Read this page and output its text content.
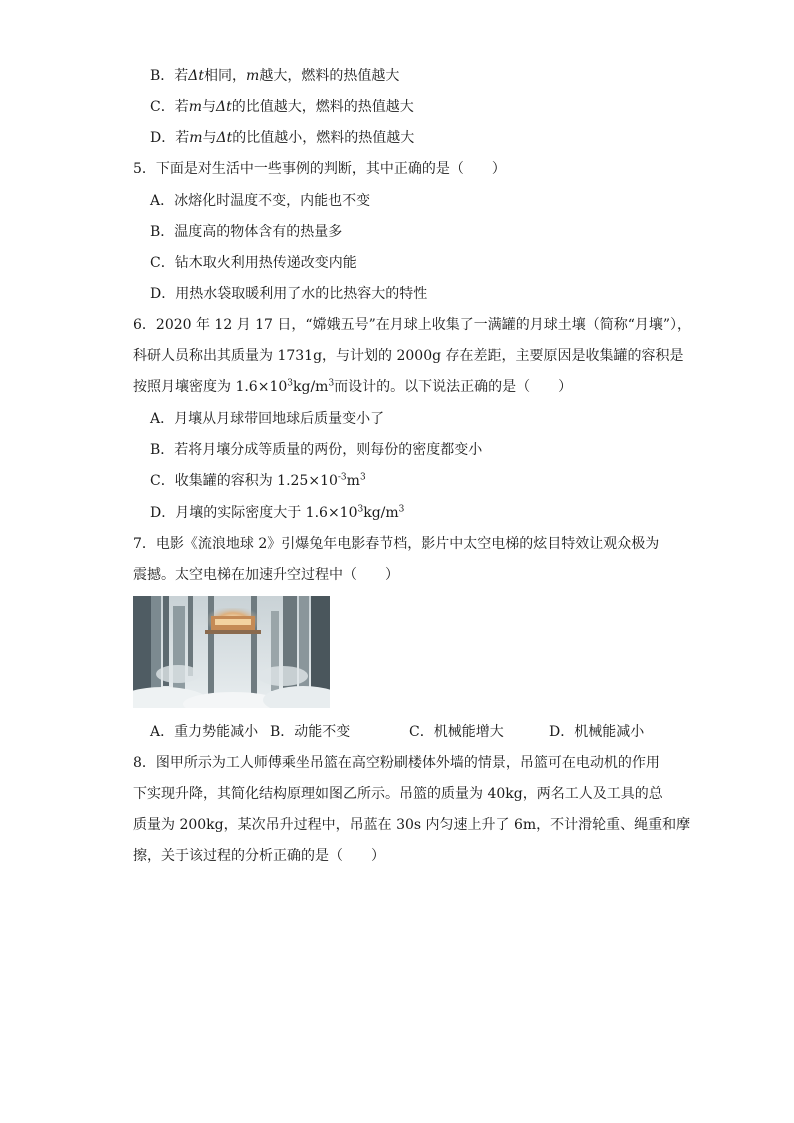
B．若Δt相同，m越大，燃料的热值越大
C．若m与Δt的比值越大，燃料的热值越大
D．若m与Δt的比值越小，燃料的热值越大
5．下面是对生活中一些事例的判断，其中正确的是（　　）
A．冰熔化时温度不变，内能也不变
B．温度高的物体含有的热量多
C．钻木取火利用热传递改变内能
D．用热水袋取暖利用了水的比热容大的特性
6．2020 年 12 月 17 日，“嫦娥五号”在月球上收集了一满罐的月球土壤（简称“月壤”），
科研人员称出其质量为 1731g，与计划的 2000g 存在差距，主要原因是收集罐的容积是
按照月壤密度为 $1.6\times 10^3kg/m^3$而设计的。以下说法正确的是（　　）
A．月壤从月球带回地球后质量变小了
B．若将月壤分成等质量的两份，则每份的密度都变小
C．收集罐的容积为 $1.25\times 10^{-3}m^3$
D．月壤的实际密度大于 $1.6\times 10^3kg/m^3$
7．电影《流浪地球 2》引爆兔年电影春节档，影片中太空电梯的炫目特效让观众极为
震撼。太空电梯在加速升空过程中（　　）
A．重力势能减小 B．动能不变	C．机械能增大	D．机械能减小
8．图甲所示为工人师傅乘坐吊篮在高空粉刷楼体外墙的情景，吊篮可在电动机的作用
下实现升降，其简化结构原理如图乙所示。吊篮的质量为 40kg，两名工人及工具的总
质量为 200kg，某次吊升过程中，吊蓝在 30s 内匀速上升了 6m，不计滑轮重、绳重和摩
擦，关于该过程的分析正确的是（　　）
